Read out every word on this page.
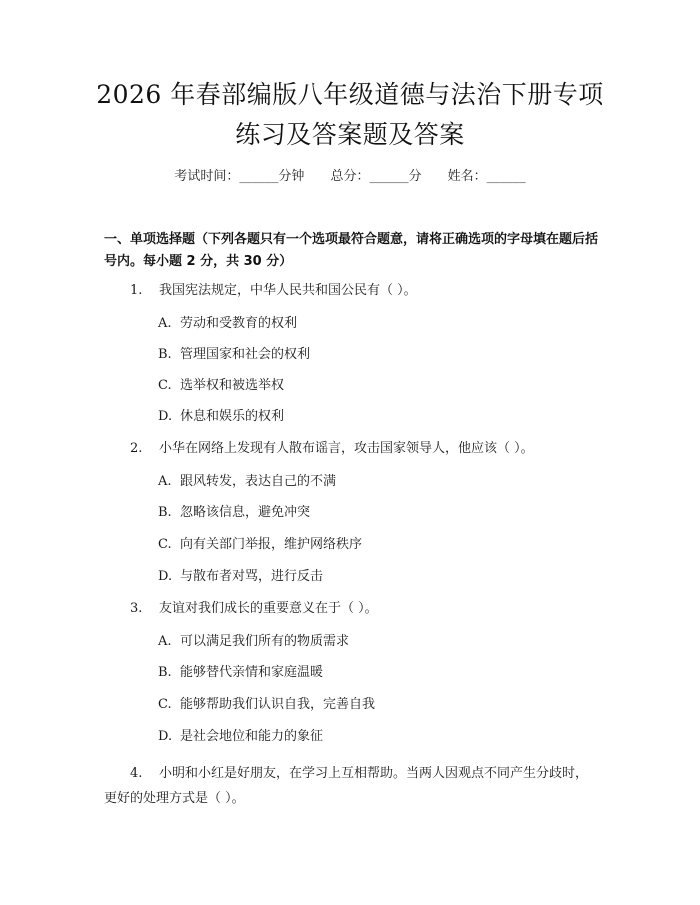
2026 年春部编版八年级道德与法治下册专项
练习及答案题及答案
考试时间：______分钟 总分：______分 姓名：______
一、单项选择题（下列各题只有一个选项最符合题意，请将正确选项的字母填在题后括号内。每小题 2 分，共 30 分）
1. 我国宪法规定，中华人民共和国公民有（ ）。
A. 劳动和受教育的权利
B. 管理国家和社会的权利
C. 选举权和被选举权
D. 休息和娱乐的权利
2. 小华在网络上发现有人散布谣言，攻击国家领导人，他应该（ ）。
A. 跟风转发，表达自己的不满
B. 忽略该信息，避免冲突
C. 向有关部门举报，维护网络秩序
D. 与散布者对骂，进行反击
3. 友谊对我们成长的重要意义在于（ ）。
A. 可以满足我们所有的物质需求
B. 能够替代亲情和家庭温暖
C. 能够帮助我们认识自我，完善自我
D. 是社会地位和能力的象征
4. 小明和小红是好朋友，在学习上互相帮助。当两人因观点不同产生分歧时，更好的处理方式是（ ）。
